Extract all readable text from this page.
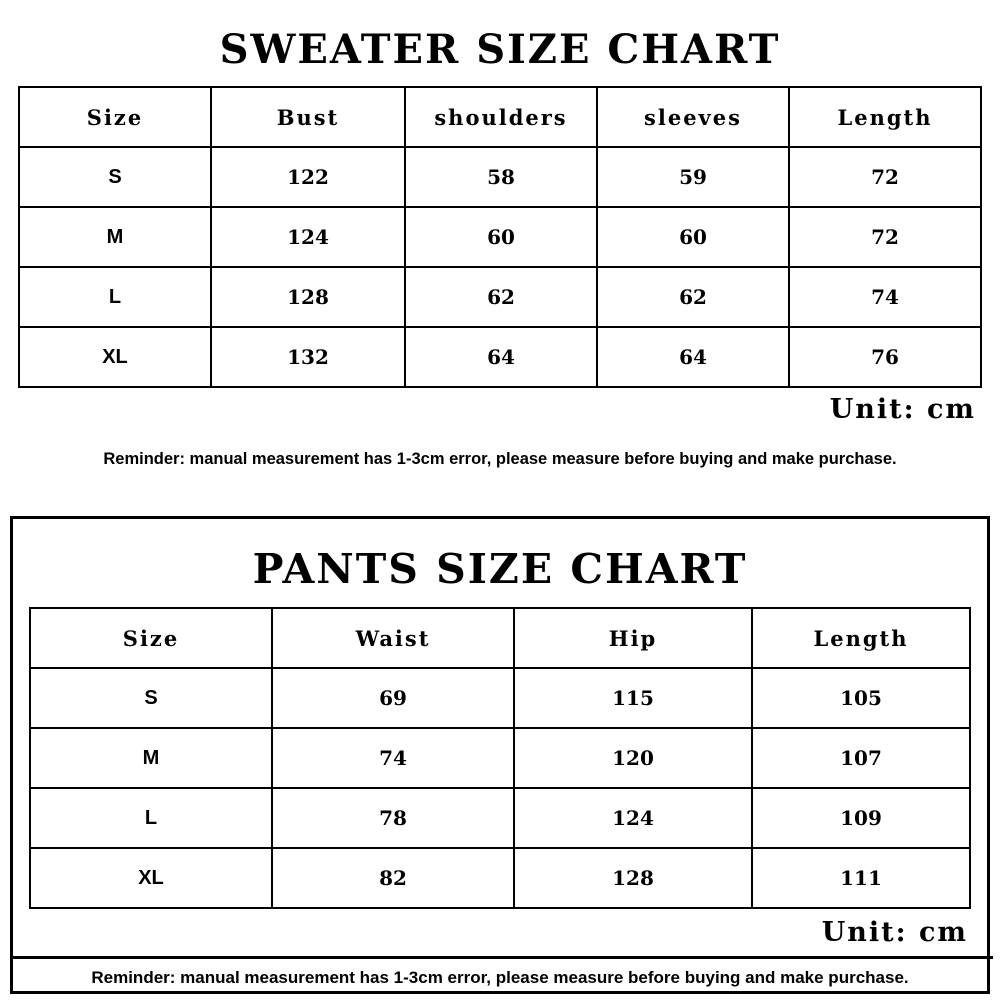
SWEATER SIZE CHART
Size	Bust	shoulders	sleeves	Length
S	122	58	59	72
M	124	60	60	72
L	128	62	62	74
XL	132	64	64	76
Unit: cm
Reminder: manual measurement has 1-3cm error, please measure before buying and make purchase.
PANTS SIZE CHART
Size	Waist	Hip	Length
S	69	115	105
M	74	120	107
L	78	124	109
XL	82	128	111
Unit: cm
Reminder: manual measurement has 1-3cm error, please measure before buying and make purchase.
